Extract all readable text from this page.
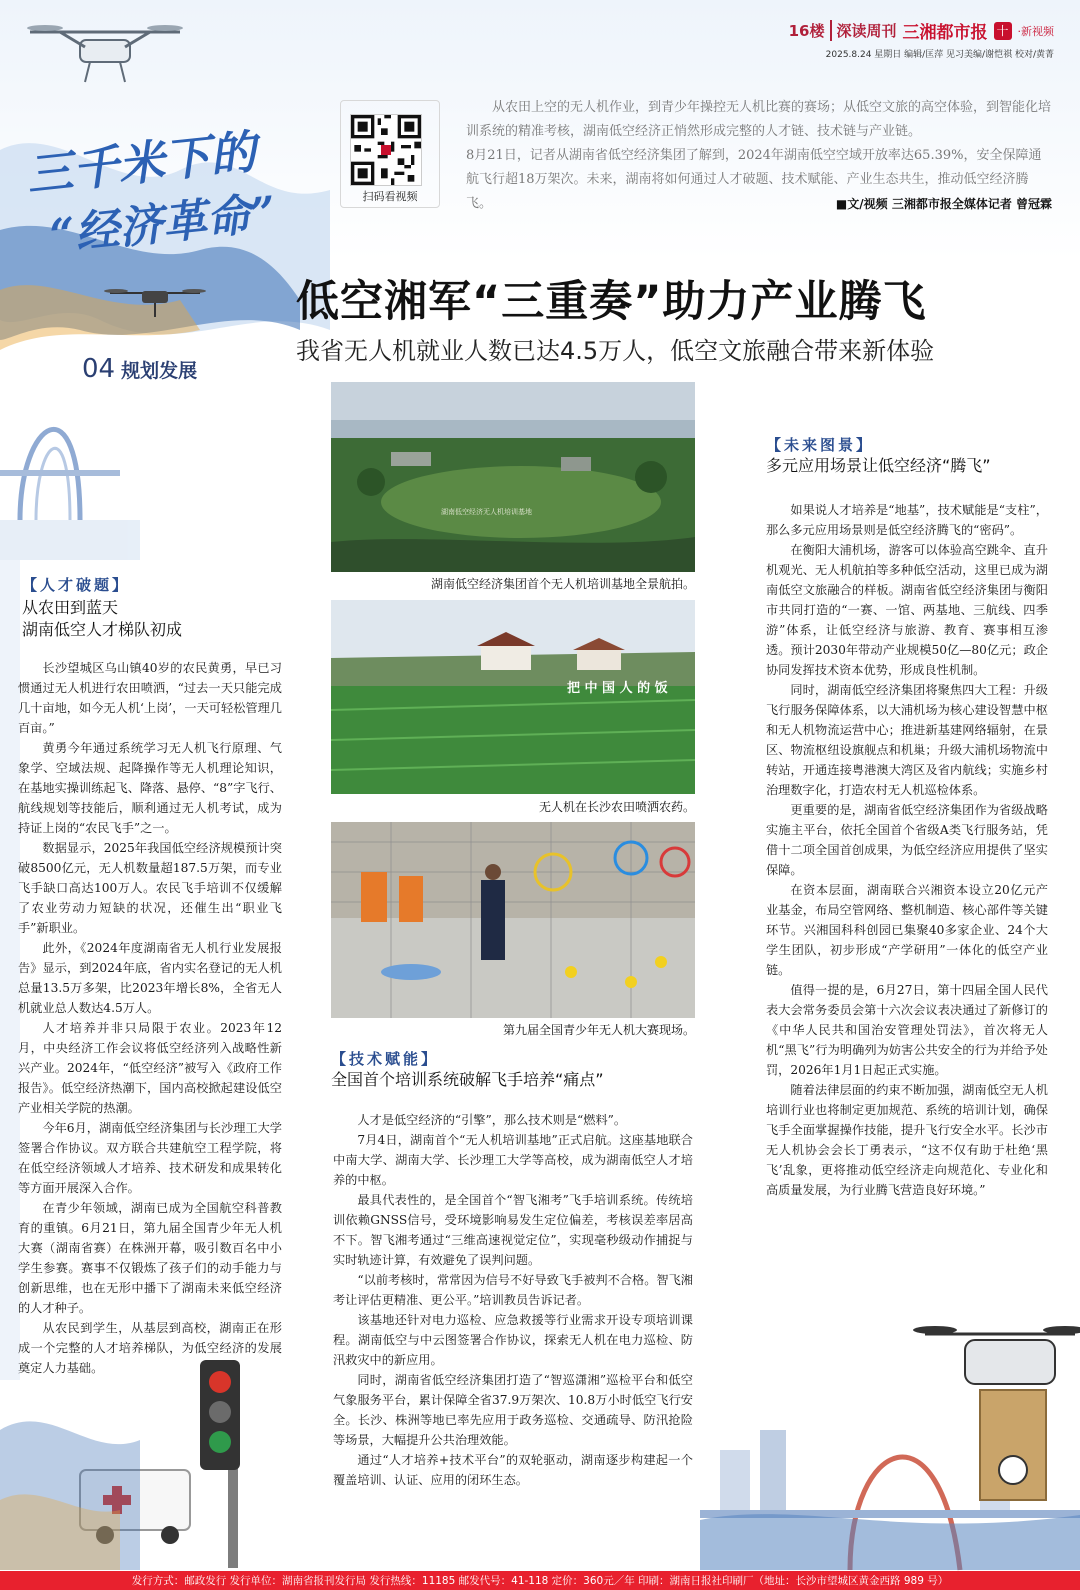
16楼 深读周刊 三湘都市报 十 ·新视频
2025.8.24 星期日 编辑/匡萍 见习美编/谢恺祺 校对/黄菁
三千米下的
“经济革命”
04 规划发展
扫码看视频

从农田上空的无人机作业，到青少年操控无人机比赛的赛场；从低空文旅的高空体验，到智能化培训系统的精准考核，湖南低空经济正悄然形成完整的人才链、技术链与产业链。

8月21日，记者从湖南省低空经济集团了解到，2024年湖南低空空域开放率达65.39%，安全保障通航飞行超18万架次。未来，湖南将如何通过人才破题、技术赋能、产业生态共生，推动低空经济腾飞。	■文/视频 三湘都市报全媒体记者 曾冠霖
低空湘军“三重奏”助力产业腾飞
我省无人机就业人数已达4.5万人，低空文旅融合带来新体验
湖南低空经济无人机培训基地
湖南低空经济集团首个无人机培训基地全景航拍。
把 中 国 人 的 饭
无人机在长沙农田喷洒农药。
第九届全国青少年无人机大赛现场。
【人才破题】
从农田到蓝天
湖南低空人才梯队初成

长沙望城区乌山镇40岁的农民黄勇，早已习惯通过无人机进行农田喷洒，“过去一天只能完成几十亩地，如今无人机‘上岗’，一天可轻松管理几百亩。”

黄勇今年通过系统学习无人机飞行原理、气象学、空域法规、起降操作等无人机理论知识，在基地实操训练起飞、降落、悬停、“8”字飞行、航线规划等技能后，顺利通过无人机考试，成为持证上岗的“农民飞手”之一。

数据显示，2025年我国低空经济规模预计突破8500亿元，无人机数量超187.5万架，而专业飞手缺口高达100万人。农民飞手培训不仅缓解了农业劳动力短缺的状况，还催生出“职业飞手”新职业。

此外，《2024年度湖南省无人机行业发展报告》显示，到2024年底，省内实名登记的无人机总量13.5万多架，比2023年增长8%，全省无人机就业总人数达4.5万人。

人才培养并非只局限于农业。2023年12月，中央经济工作会议将低空经济列入战略性新兴产业。2024年，“低空经济”被写入《政府工作报告》。低空经济热潮下，国内高校掀起建设低空产业相关学院的热潮。

今年6月，湖南低空经济集团与长沙理工大学签署合作协议。双方联合共建航空工程学院，将在低空经济领域人才培养、技术研发和成果转化等方面开展深入合作。

在青少年领域，湖南已成为全国航空科普教育的重镇。6月21日，第九届全国青少年无人机大赛（湖南省赛）在株洲开幕，吸引数百名中小学生参赛。赛事不仅锻炼了孩子们的动手能力与创新思维，也在无形中播下了湖南未来低空经济的人才种子。

从农民到学生，从基层到高校，湖南正在形成一个完整的人才培养梯队，为低空经济的发展奠定人力基础。

【技术赋能】
全国首个培训系统破解飞手培养“痛点”

人才是低空经济的“引擎”，那么技术则是“燃料”。

7月4日，湖南首个“无人机培训基地”正式启航。这座基地联合中南大学、湖南大学、长沙理工大学等高校，成为湖南低空人才培养的中枢。

最具代表性的，是全国首个“智飞湘考”飞手培训系统。传统培训依赖GNSS信号，受环境影响易发生定位偏差，考核误差率居高不下。智飞湘考通过“三维高速视觉定位”，实现毫秒级动作捕捉与实时轨迹计算，有效避免了误判问题。

“以前考核时，常常因为信号不好导致飞手被判不合格。智飞湘考让评估更精准、更公平。”培训教员告诉记者。

该基地还针对电力巡检、应急救援等行业需求开设专项培训课程。湖南低空与中云图签署合作协议，探索无人机在电力巡检、防汛救灾中的新应用。

同时，湖南省低空经济集团打造了“智巡潇湘”巡检平台和低空气象服务平台，累计保障全省37.9万架次、10.8万小时低空飞行安全。长沙、株洲等地已率先应用于政务巡检、交通疏导、防汛抢险等场景，大幅提升公共治理效能。

通过“人才培养+技术平台”的双轮驱动，湖南逐步构建起一个覆盖培训、认证、应用的闭环生态。

【未来图景】
多元应用场景让低空经济“腾飞”

如果说人才培养是“地基”，技术赋能是“支柱”，那么多元应用场景则是低空经济腾飞的“密码”。

在衡阳大浦机场，游客可以体验高空跳伞、直升机观光、无人机航拍等多种低空活动，这里已成为湖南低空文旅融合的样板。湖南省低空经济集团与衡阳市共同打造的“一赛、一馆、两基地、三航线、四季游”体系，让低空经济与旅游、教育、赛事相互渗透。预计2030年带动产业规模50亿—80亿元；政企协同发挥技术资本优势，形成良性机制。

同时，湖南低空经济集团将聚焦四大工程：升级飞行服务保障体系，以大浦机场为核心建设智慧中枢和无人机物流运营中心；推进新基建网络辐射，在景区、物流枢纽设旗舰点和机巢；升级大浦机场物流中转站，开通连接粤港澳大湾区及省内航线；实施乡村治理数字化，打造农村无人机巡检体系。

更重要的是，湖南省低空经济集团作为省级战略实施主平台，依托全国首个省级A类飞行服务站，凭借十二项全国首创成果，为低空经济应用提供了坚实保障。

在资本层面，湖南联合兴湘资本设立20亿元产业基金，布局空管网络、整机制造、核心部件等关键环节。兴湘国科科创园已集聚40多家企业、24个大学生团队，初步形成“产学研用”一体化的低空产业链。

值得一提的是，6月27日，第十四届全国人民代表大会常务委员会第十六次会议表决通过了新修订的《中华人民共和国治安管理处罚法》，首次将无人机“黑飞”行为明确列为妨害公共安全的行为并给予处罚，2026年1月1日起正式实施。

随着法律层面的约束不断加强，湖南低空无人机培训行业也将制定更加规范、系统的培训计划，确保飞手全面掌握操作技能，提升飞行安全水平。长沙市无人机协会会长丁勇表示，“这不仅有助于杜绝‘黑飞’乱象，更将推动低空经济走向规范化、专业化和高质量发展，为行业腾飞营造良好环境。”

发行方式：邮政发行 发行单位：湖南省报刊发行局 发行热线：11185 邮发代号：41-118 定价：360元／年 印刷：湖南日报社印刷厂（地址：长沙市望城区黄金西路 989 号）
